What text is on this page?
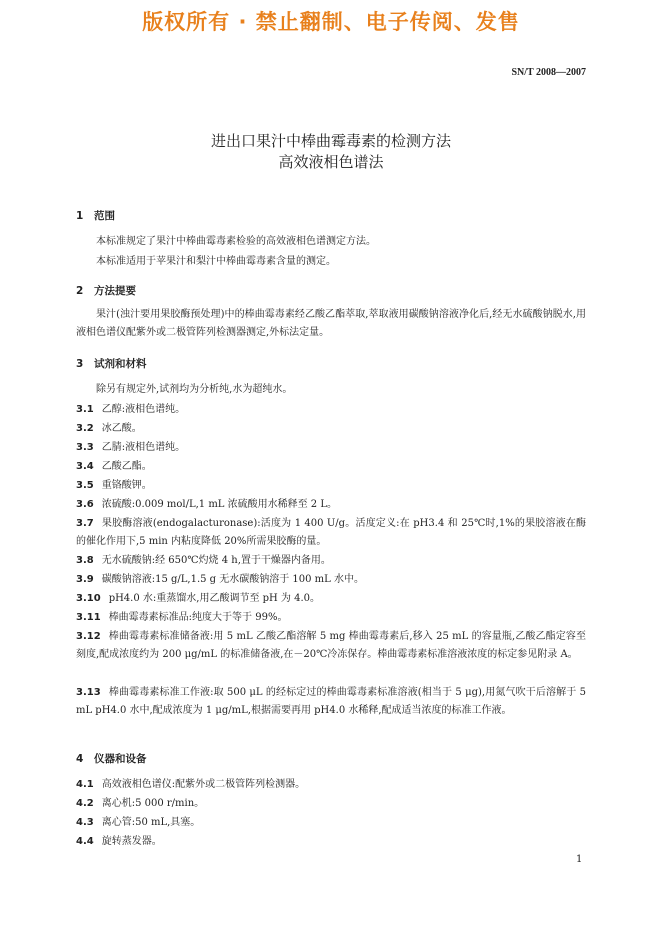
版权所有 · 禁止翻制、电子传阅、发售
SN/T 2008—2007
进出口果汁中棒曲霉毒素的检测方法
高效液相色谱法
1 范围
本标准规定了果汁中棒曲霉毒素检验的高效液相色谱测定方法。
本标准适用于苹果汁和梨汁中棒曲霉毒素含量的测定。
2 方法提要
果汁(浊汁要用果胶酶预处理)中的棒曲霉毒素经乙酸乙酯萃取,萃取液用碳酸钠溶液净化后,经无水硫酸钠脱水,用液相色谱仪配紫外或二极管阵列检测器测定,外标法定量。
3 试剂和材料
除另有规定外,试剂均为分析纯,水为超纯水。
3.1 乙醇:液相色谱纯。
3.2 冰乙酸。
3.3 乙腈:液相色谱纯。
3.4 乙酸乙酯。
3.5 重铬酸钾。
3.6 浓硫酸:0.009 mol/L,1 mL 浓硫酸用水稀释至 2 L。
3.7 果胶酶溶液(endogalacturonase):活度为 1 400 U/g。活度定义:在 pH3.4 和 25℃时,1%的果胶溶液在酶的催化作用下,5 min 内粘度降低 20%所需果胶酶的量。
3.8 无水硫酸钠:经 650℃灼烧 4 h,置于干燥器内备用。
3.9 碳酸钠溶液:15 g/L,1.5 g 无水碳酸钠溶于 100 mL 水中。
3.10 pH4.0 水:重蒸馏水,用乙酸调节至 pH 为 4.0。
3.11 棒曲霉毒素标准品:纯度大于等于 99%。
3.12 棒曲霉毒素标准储备液:用 5 mL 乙酸乙酯溶解 5 mg 棒曲霉毒素后,移入 25 mL 的容量瓶,乙酸乙酯定容至刻度,配成浓度约为 200 μg/mL 的标准储备液,在－20℃冷冻保存。棒曲霉毒素标准溶液浓度的标定参见附录 A。
3.13 棒曲霉毒素标准工作液:取 500 μL 的经标定过的棒曲霉毒素标准溶液(相当于 5 μg),用氮气吹干后溶解于 5 mL pH4.0 水中,配成浓度为 1 μg/mL,根据需要再用 pH4.0 水稀释,配成适当浓度的标准工作液。
4 仪器和设备
4.1 高效液相色谱仪:配紫外或二极管阵列检测器。
4.2 离心机:5 000 r/min。
4.3 离心管:50 mL,具塞。
4.4 旋转蒸发器。
1
